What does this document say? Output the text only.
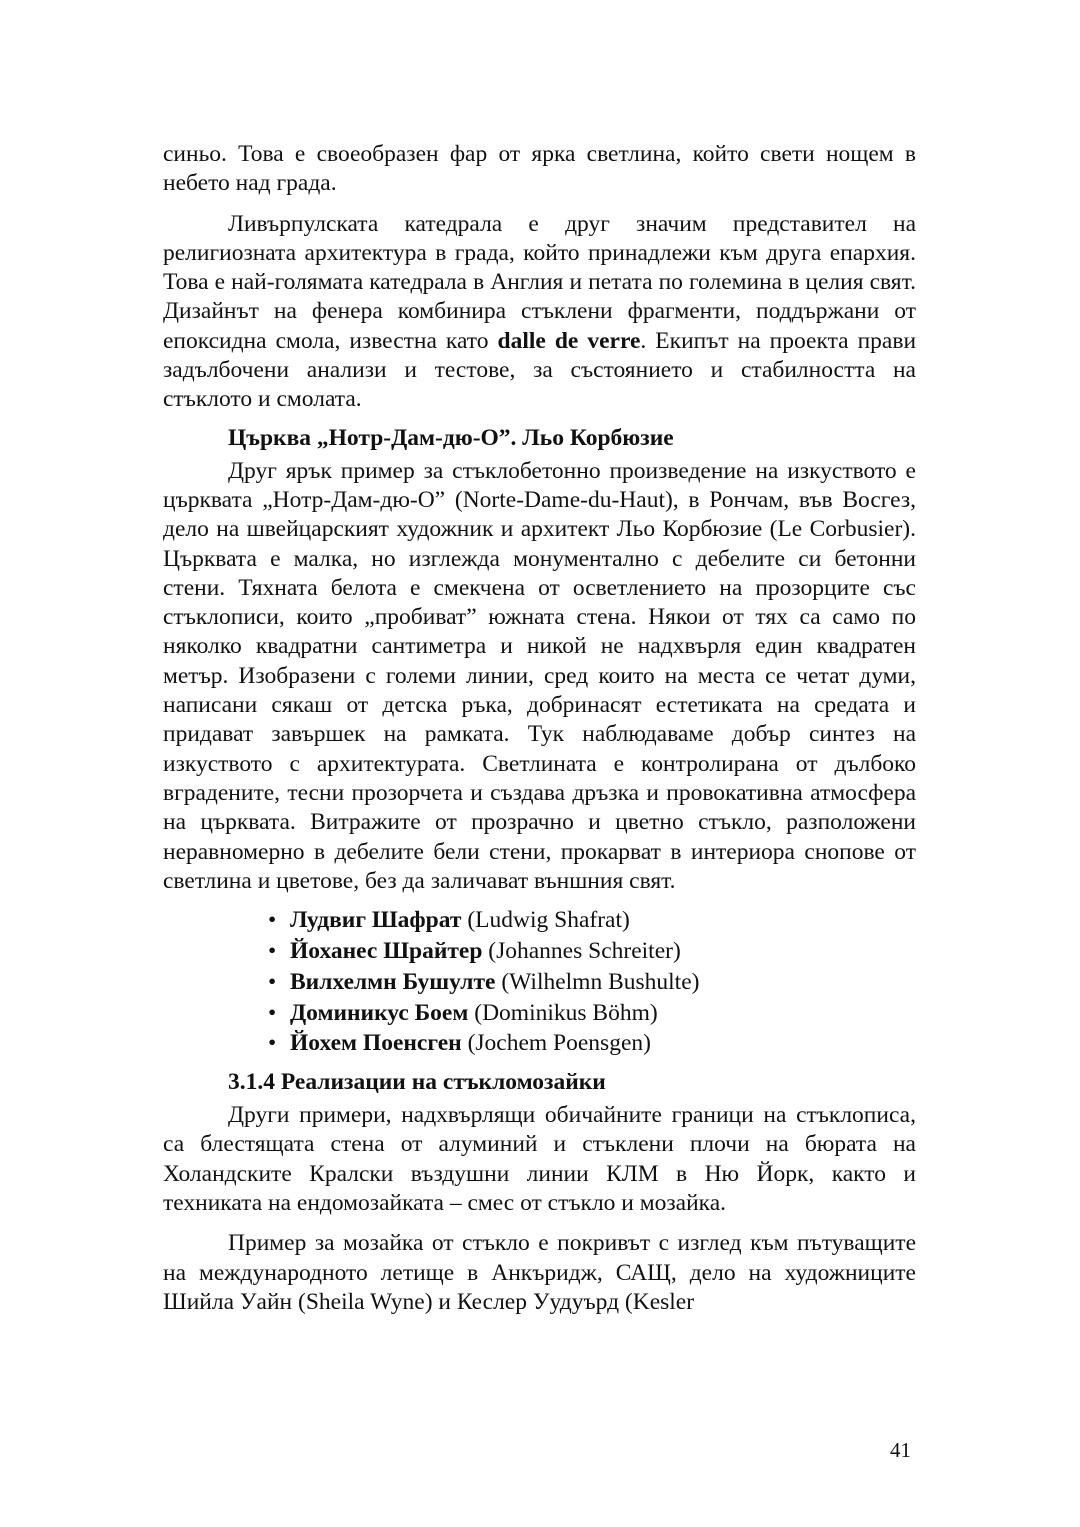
синьо. Това е своеобразен фар от ярка светлина, който свети нощем в небето над града.

Ливърпулската катедрала е друг значим представител на религиозната архитектура в града, който принадлежи към друга епархия. Това е най-голямата катедрала в Англия и петата по големина в целия свят. Дизайнът на фенера комбинира стъклени фрагменти, поддържани от епоксидна смола, известна като dalle de verre. Екипът на проекта прави задълбочени анализи и тестове, за състоянието и стабилността на стъклото и смолата.

Църква „Нотр-Дам-дю-О”. Льо Корбюзие

Друг ярък пример за стъклобетонно произведение на изкуството е църквата „Нотр-Дам-дю-О” (Norte-Dame-du-Haut), в Рончам, във Восгез, дело на швейцарският художник и архитект Льо Корбюзие (Le Corbusier). Църквата е малка, но изглежда монументално с дебелите си бетонни стени. Тяхната белота е смекчена от осветлението на прозорците със стъклописи, които „пробиват” южната стена. Някои от тях са само по няколко квадратни сантиметра и никой не надхвърля един квадратен метър. Изобразени с големи линии, сред които на места се четат думи, написани сякаш от детска ръка, добринасят естетиката на средата и придават завършек на рамката. Тук наблюдаваме добър синтез на изкуството с архитектурата. Светлината е контролирана от дълбоко вградените, тесни прозорчета и създава дръзка и провокативна атмосфера на църквата. Витражите от прозрачно и цветно стъкло, разположени неравномерно в дебелите бели стени, прокарват в интериора снопове от светлина и цветове, без да заличават външния свят.

• Лудвиг Шафрат (Ludwig Shafrat)
• Йоханес Шрайтер (Johannes Schreiter)
• Вилхелмн Бушулте (Wilhelmn Bushulte)
• Доминикус Боем (Dominikus Böhm)
• Йохем Поенсген (Jochem Poensgen)
3.1.4 Реализации на стъкломозайки

Други примери, надхвърлящи обичайните граници на стъклописа, са блестящата стена от алуминий и стъклени плочи на бюрата на Холандските Кралски въздушни линии КЛМ в Ню Йорк, както и техниката на ендомозайката – смес от стъкло и мозайка.

Пример за мозайка от стъкло е покривът с изглед към пътуващите на международното летище в Анкъридж, САЩ, дело на художниците Шийла Уайн (Sheila Wyne) и Кеслер Уудуърд (Kesler

41
